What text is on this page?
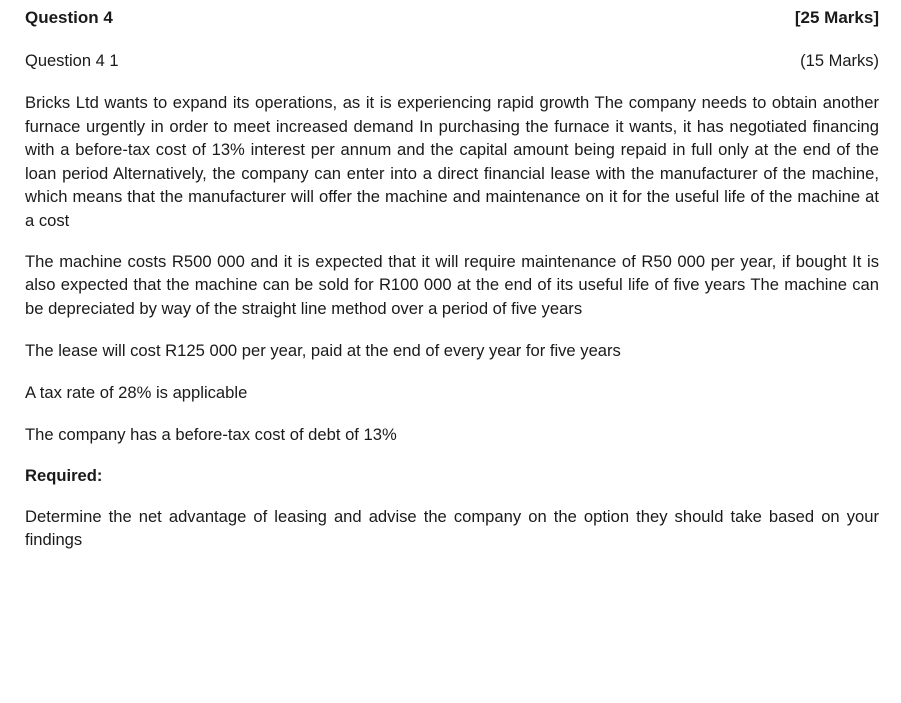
Question 4	[25 Marks]
Question 4 1	(15 Marks)

Bricks Ltd wants to expand its operations, as it is experiencing rapid growth The company needs to obtain another furnace urgently in order to meet increased demand In purchasing the furnace it wants, it has negotiated financing with a before-tax cost of 13% interest per annum and the capital amount being repaid in full only at the end of the loan period Alternatively, the company can enter into a direct financial lease with the manufacturer of the machine, which means that the manufacturer will offer the machine and maintenance on it for the useful life of the machine at a cost

The machine costs R500 000 and it is expected that it will require maintenance of R50 000 per year, if bought It is also expected that the machine can be sold for R100 000 at the end of its useful life of five years The machine can be depreciated by way of the straight line method over a period of five years

The lease will cost R125 000 per year, paid at the end of every year for five years

A tax rate of 28% is applicable

The company has a before-tax cost of debt of 13%

Required:

Determine the net advantage of leasing and advise the company on the option they should take based on your findings
